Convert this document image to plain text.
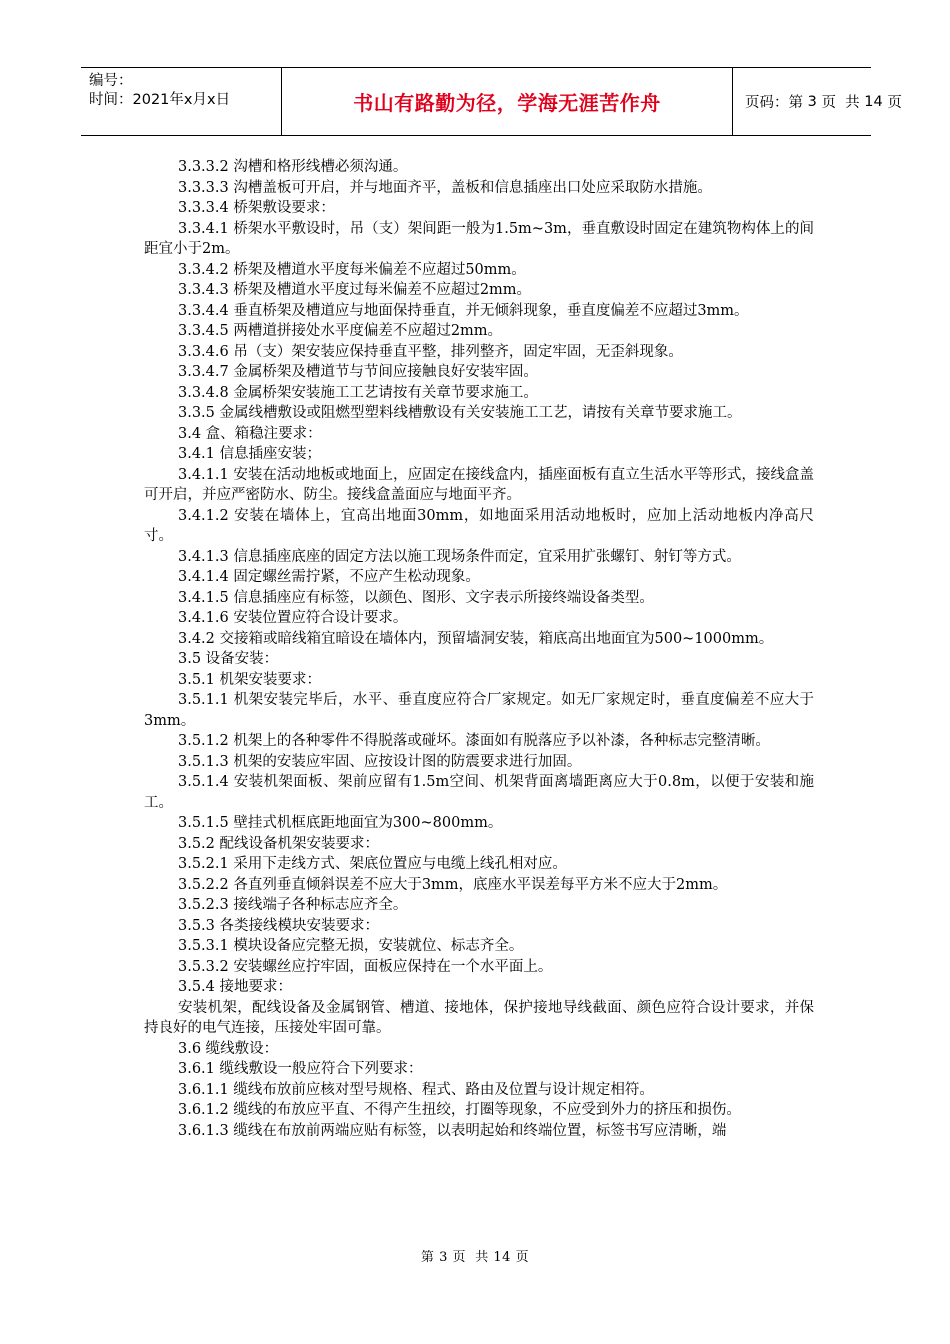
编号：
时间：2021年x月x日	书山有路勤为径，学海无涯苦作舟	页码：第
3
页  共
14
页
3.3.3.2 沟槽和格形线槽必须沟通。
3.3.3.3 沟槽盖板可开启，并与地面齐平，盖板和信息插座出口处应采取防水措施。
3.3.3.4 桥架敷设要求：
3.3.4.1 桥架水平敷设时，吊（支）架间距一般为1.5m~3m，垂直敷设时固定在建筑物构体上的间距宜小于2m。
3.3.4.2 桥架及槽道水平度每米偏差不应超过50mm。
3.3.4.3 桥架及槽道水平度过每米偏差不应超过2mm。
3.3.4.4 垂直桥架及槽道应与地面保持垂直，并无倾斜现象，垂直度偏差不应超过3mm。
3.3.4.5 两槽道拼接处水平度偏差不应超过2mm。
3.3.4.6 吊（支）架安装应保持垂直平整，排列整齐，固定牢固，无歪斜现象。
3.3.4.7 金属桥架及槽道节与节间应接触良好安装牢固。
3.3.4.8 金属桥架安装施工工艺请按有关章节要求施工。
3.3.5 金属线槽敷设或阻燃型塑料线槽敷设有关安装施工工艺，请按有关章节要求施工。
3.4 盒、箱稳注要求：
3.4.1 信息插座安装；
3.4.1.1 安装在活动地板或地面上，应固定在接线盒内，插座面板有直立生活水平等形式，接线盒盖可开启，并应严密防水、防尘。接线盒盖面应与地面平齐。
3.4.1.2 安装在墙体上，宜高出地面30mm，如地面采用活动地板时，应加上活动地板内净高尺寸。
3.4.1.3 信息插座底座的固定方法以施工现场条件而定，宜采用扩张螺钉、射钉等方式。
3.4.1.4 固定螺丝需拧紧，不应产生松动现象。
3.4.1.5 信息插座应有标签，以颜色、图形、文字表示所接终端设备类型。
3.4.1.6 安装位置应符合设计要求。
3.4.2 交接箱或暗线箱宜暗设在墙体内，预留墙洞安装，箱底高出地面宜为500~1000mm。
3.5 设备安装：
3.5.1 机架安装要求：
3.5.1.1 机架安装完毕后，水平、垂直度应符合厂家规定。如无厂家规定时，垂直度偏差不应大于3mm。
3.5.1.2 机架上的各种零件不得脱落或碰坏。漆面如有脱落应予以补漆，各种标志完整清晰。
3.5.1.3 机架的安装应牢固、应按设计图的防震要求进行加固。
3.5.1.4 安装机架面板、架前应留有1.5m空间、机架背面离墙距离应大于0.8m，以便于安装和施工。
3.5.1.5 壁挂式机框底距地面宜为300~800mm。
3.5.2 配线设备机架安装要求：
3.5.2.1 采用下走线方式、架底位置应与电缆上线孔相对应。
3.5.2.2 各直列垂直倾斜误差不应大于3mm，底座水平误差每平方米不应大于2mm。
3.5.2.3 接线端子各种标志应齐全。
3.5.3 各类接线模块安装要求：
3.5.3.1 模块设备应完整无损，安装就位、标志齐全。
3.5.3.2 安装螺丝应拧牢固，面板应保持在一个水平面上。
3.5.4 接地要求：
安装机架，配线设备及金属钢管、槽道、接地体，保护接地导线截面、颜色应符合设计要求，并保持良好的电气连接，压接处牢固可靠。
3.6 缆线敷设：
3.6.1 缆线敷设一般应符合下列要求：
3.6.1.1 缆线布放前应核对型号规格、程式、路由及位置与设计规定相符。
3.6.1.2 缆线的布放应平直、不得产生扭绞，打圈等现象，不应受到外力的挤压和损伤。
3.6.1.3 缆线在布放前两端应贴有标签，以表明起始和终端位置，标签书写应清晰，端
第 3 页  共 14 页
